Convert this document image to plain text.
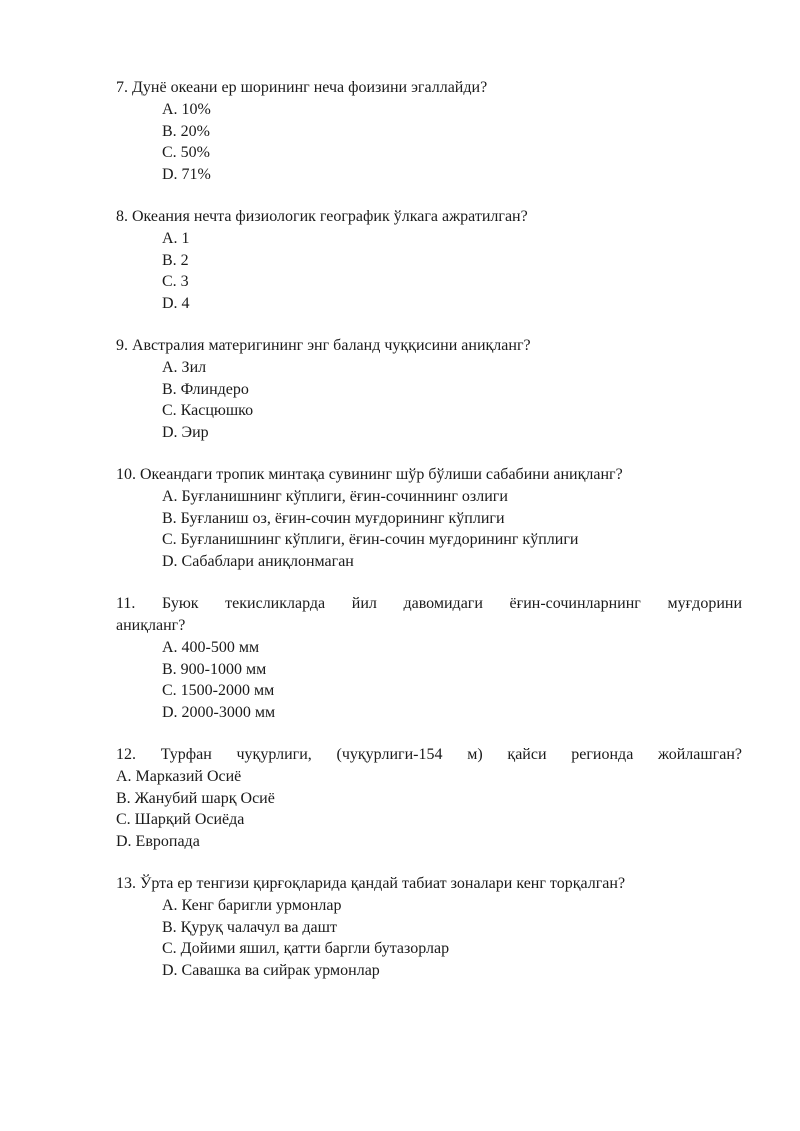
7. Дунё океани ер шорининг неча фоизини эгаллайди?

A. 10%
B. 20%
C. 50%
D. 71%

8. Океания нечта физиологик географик ўлкага ажратилган?

A. 1
B. 2
C. 3
D. 4

9. Австралия материгининг энг баланд чуққисини аниқланг?

A. Зил
B. Флиндеро
C. Касцюшко
D. Эир

10. Океандаги тропик минтақа сувининг шўр бўлиши сабабини аниқланг?

A. Буғланишнинг кўплиги, ёғин-сочиннинг озлиги
B. Буғланиш оз, ёғин-сочин муғдорининг кўплиги
C. Буғланишнинг кўплиги, ёғин-сочин муғдорининг кўплиги
D. Сабаблари аниқлонмаган

11. Буюк текисликларда йил давомидаги ёғин-сочинларнинг муғдорини

аниқланг?

A. 400-500 мм
B. 900-1000 мм
C. 1500-2000 мм
D. 2000-3000 мм

12. Турфан чуқурлиги, (чуқурлиги-154 м) қайси регионда жойлашган?

A. Марказий Осиё
B. Жанубий шарқ Осиё
C. Шарқий Осиёда
D. Европада

13. Ўрта ер тенгизи қирғоқларида қандай табиат зоналари кенг торқалган?

A. Кенг баригли урмонлар
B. Қуруқ чалачул ва дашт
C. Дойими яшил, қатти баргли бутазорлар
D. Савашка ва сийрак урмонлар
